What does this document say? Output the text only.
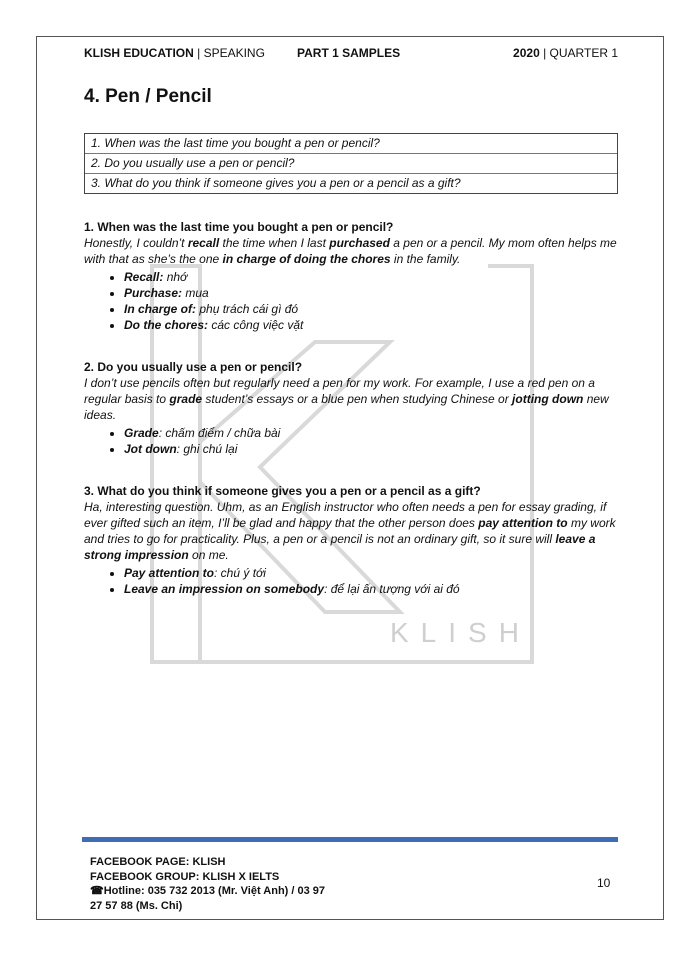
KLISH
KLISH EDUCATION | SPEAKING	PART 1 SAMPLES	2020 | QUARTER 1
4. Pen / Pencil
1. When was the last time you bought a pen or pencil?
2. Do you usually use a pen or pencil?
3. What do you think if someone gives you a pen or a pencil as a gift?

1. When was the last time you bought a pen or pencil?

Honestly, I couldn’t recall the time when I last purchased a pen or a pencil. My mom often helps me with that as she’s the one in charge of doing the chores in the family.

• Recall: nhớ
• Purchase: mua
• In charge of: phụ trách cái gì đó
• Do the chores: các công việc vặt

2. Do you usually use a pen or pencil?

I don’t use pencils often but regularly need a pen for my work. For example, I use a red pen on a regular basis to grade student’s essays or a blue pen when studying Chinese or jotting down new ideas.

• Grade: chấm điểm / chữa bài
• Jot down: ghi chú lại

3. What do you think if someone gives you a pen or a pencil as a gift?

Ha, interesting question. Uhm, as an English instructor who often needs a pen for essay grading, if ever gifted such an item, I’ll be glad and happy that the other person does pay attention to my work and tries to go for practicality. Plus, a pen or a pencil is not an ordinary gift, so it sure will leave a strong impression on me.

• Pay attention to: chú ý tới
• Leave an impression on somebody: để lại ấn tượng với ai đó
FACEBOOK PAGE: KLISH
FACEBOOK GROUP: KLISH X IELTS
☎Hotline: 035 732 2013 (Mr. Việt Anh) / 03 97
27 57 88 (Ms. Chi)
10
